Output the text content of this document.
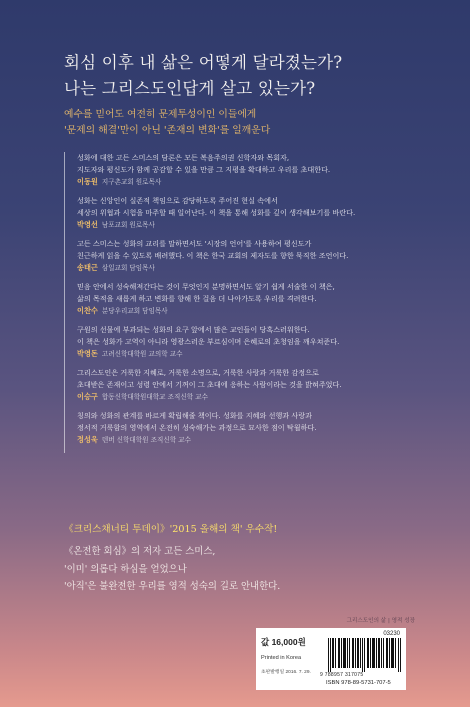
회심 이후 내 삶은 어떻게 달라졌는가?
나는 그리스도인답게 살고 있는가?
예수를 믿어도 여전히 문제투성이인 이들에게
'문제의 해결'만이 아닌 '존재의 변화'를 일깨운다
성화에 대한 고든 스미스의 담론은 모든 복음주의권 신학자와 목회자,
지도자와 평신도가 함께 공감할 수 있을 만큼 그 지평을 확대하고 우리를 초대한다.
이동원 지구촌교회 원로목사
성화는 신앙인이 실존적 책임으로 감당하도록 주어진 현실 속에서
세상의 위협과 시험을 마주할 때 일어난다. 이 책을 통해 성화를 깊이 생각해보기를 바란다.
박영선 남포교회 원로목사
고든 스미스는 성화의 교리를 말하면서도 '시장의 언어'를 사용하여 평신도가
친근하게 읽을 수 있도록 배려했다. 이 책은 한국 교회의 제자도를 향한 묵직한 조언이다.
송태근 삼일교회 담임목사
믿음 안에서 성숙해져간다는 것이 무엇인지 분명하면서도 알기 쉽게 서술한 이 책은,
삶의 목적을 새롭게 하고 변화를 향해 한 걸음 더 나아가도록 우리를 격려한다.
이찬수 분당우리교회 담임목사
구원의 선물에 부과되는 성화의 요구 앞에서 많은 교인들이 당혹스러워한다.
이 책은 성화가 고역이 아니라 영광스러운 부르심이며 은혜로의 초청임을 깨우쳐준다.
박영돈 고려신학대학원 교의학 교수
그리스도인은 거룩한 지혜로, 거룩한 소명으로, 거룩한 사랑과 거룩한 감정으로
초대받은 존재이고 성령 안에서 기꺼이 그 초대에 응하는 사람이라는 것을 밝혀주었다.
이승구 합동신학대학원대학교 조직신학 교수
칭의와 성화의 관계를 바르게 확립해줄 책이다. 성화를 지혜와 선행과 사랑과
정서적 거룩함의 영역에서 온전히 성숙해가는 과정으로 묘사한 점이 탁월하다.
정성욱 덴버 신학대학원 조직신학 교수
《크리스채너티 투데이》'2015 올해의 책' 우수작!
《온전한 회심》의 저자 고든 스미스,
'이미' 의롭다 하심을 얻었으나
'아직'은 불완전한 우리를 영적 성숙의 길로 안내한다.
그리스도인의 삶 | 영적 성장
값 16,000원
Printed in Korea
초판발행일 2016. 7. 29.
03230
9 788957 317075
ISBN 978-89-5731-707-5
